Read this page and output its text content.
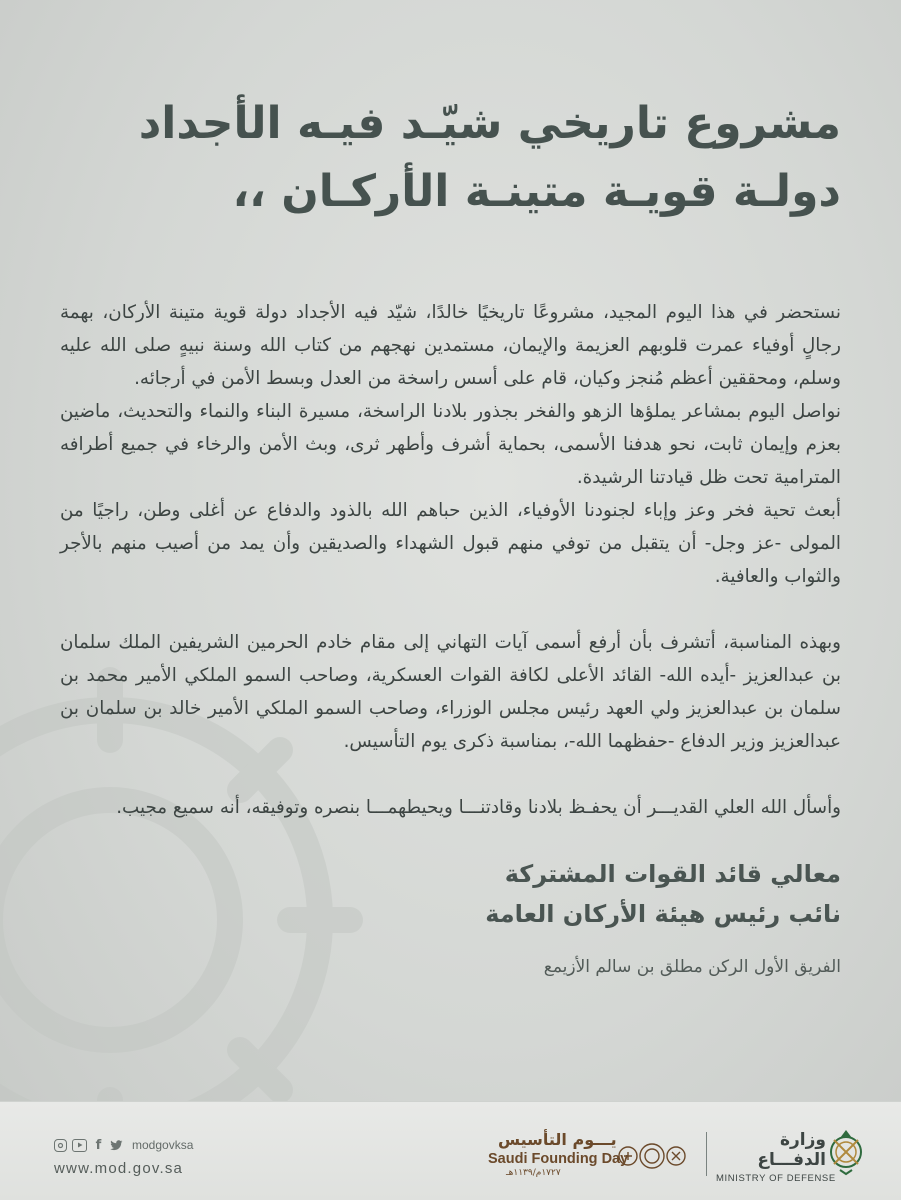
مشروع تاريخي شيّـد فيـه الأجداد
دولـة قويـة متينـة الأركـان ،،

نستحضر في هذا اليوم المجيد، مشروعًا تاريخيًا خالدًا، شيّد فيه الأجداد دولة قوية متينة الأركان، بهمة رجالٍ أوفياء عمرت قلوبهم العزيمة والإيمان، مستمدين نهجهم من كتاب الله وسنة نبيهٍ صلى الله عليه وسلم، ومحققين أعظم مُنجز وكيان، قام على أسس راسخة من العدل وبسط الأمن في أرجائه.

نواصل اليوم بمشاعر يملؤها الزهو والفخر بجذور بلادنا الراسخة، مسيرة البناء والنماء والتحديث، ماضين بعزم وإيمان ثابت، نحو هدفنا الأسمى، بحماية أشرف وأطهر ثرى، وبث الأمن والرخاء في جميع أطرافه المترامية تحت ظل قيادتنا الرشيدة.

أبعث تحية فخر وعز وإباء لجنودنا الأوفياء، الذين حباهم الله بالذود والدفاع عن أغلى وطن، راجيًا من المولى -عز وجل- أن يتقبل من توفي منهم قبول الشهداء والصديقين وأن يمد من أصيب منهم بالأجر والثواب والعافية.

وبهذه المناسبة، أتشرف بأن أرفع أسمى آيات التهاني إلى مقام خادم الحرمين الشريفين الملك سلمان بن عبدالعزيز -أيده الله- القائد الأعلى لكافة القوات العسكرية، وصاحب السمو الملكي الأمير محمد بن سلمان بن عبدالعزيز ولي العهد رئيس مجلس الوزراء، وصاحب السمو الملكي الأمير خالد بن سلمان بن عبدالعزيز وزير الدفاع -حفظهما الله-، بمناسبة ذكرى يوم التأسيس.

وأسأل الله العلي القديـــر أن يحفـظ بلادنا وقادتنـــا ويحيطهمـــا بنصره وتوفيقه، أنه سميع مجيب.

معالي قائد القوات المشتركة
نائب رئيس هيئة الأركان العامة
الفريق الأول الركن مطلق بن سالم الأزيمع
f	modgovksa
www.mod.gov.sa
يـــوم التأسيس
Saudi Founding Day
١٧٢٧م/١١٣٩هـ
وزارة الدفـــاع
MINISTRY OF DEFENSE
